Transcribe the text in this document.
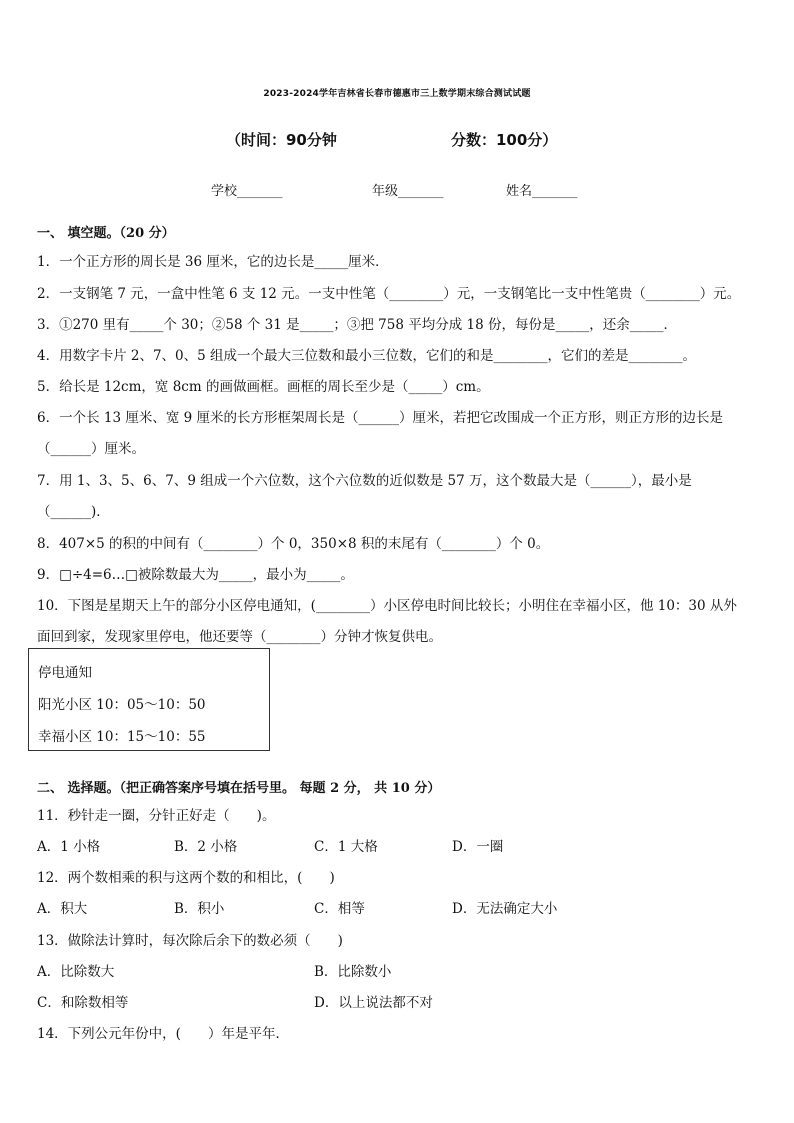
2023-2024学年吉林省长春市德惠市三上数学期末综合测试试题
（时间：90分钟	分数：100分）
学校_______	年级_______	姓名_______
一、 填空题。（20 分）
1．一个正方形的周长是 36 厘米，它的边长是_____厘米．
2．一支钢笔 7 元，一盒中性笔 6 支 12 元。一支中性笔（________）元，一支钢笔比一支中性笔贵（________）元。
3．①270 里有_____个 30；②58 个 31 是_____；③把 758 平均分成 18 份，每份是_____，还余_____．
4．用数字卡片 2、7、0、5 组成一个最大三位数和最小三位数，它们的和是________，它们的差是________。
5．给长是 12cm，宽 8cm 的画做画框。画框的周长至少是（_____）cm。
6．一个长 13 厘米、宽 9 厘米的长方形框架周长是（______）厘米，若把它改围成一个正方形，则正方形的边长是
（______）厘米。
7．用 1、3、5、6、7、9 组成一个六位数，这个六位数的近似数是 57 万，这个数最大是（______），最小是
（______)．
8．407×5 的积的中间有（________）个 0，350×8 积的末尾有（________）个 0。
9．□÷4=6…□被除数最大为_____，最小为_____。
10．下图是星期天上午的部分小区停电通知，(________）小区停电时间比较长；小明住在幸福小区，他 10：30 从外
面回到家，发现家里停电，他还要等（________）分钟才恢复供电。
停电通知
阳光小区 10：05～10：50
幸福小区 10：15～10：55
二、 选择题。（把正确答案序号填在括号里。 每题 2 分， 共 10 分）
11．秒针走一圈，分针正好走（　　)。
A．1 小格	B．2 小格	C．1 大格	D．一圈
12．两个数相乘的积与这两个数的和相比，(　　)
A．积大	B．积小	C．相等	D．无法确定大小
13．做除法计算时，每次除后余下的数必须（　　)
A．比除数大	B．比除数小
C．和除数相等	D．以上说法都不对
14．下列公元年份中，(　　）年是平年．
